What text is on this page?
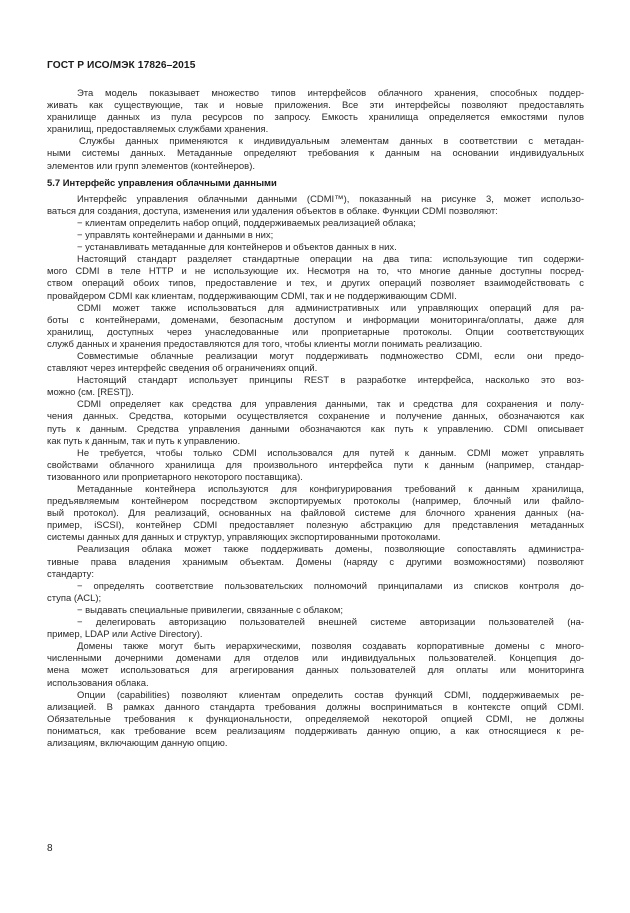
ГОСТ Р ИСО/МЭК 17826–2015
Эта модель показывает множество типов интерфейсов облачного хранения, способных поддер-
живать как существующие, так и новые приложения. Все эти интерфейсы позволяют предоставлять
хранилище данных из пула ресурсов по запросу. Емкость хранилища определяется емкостями пулов
хранилищ, предоставляемых службами хранения.
Службы данных применяются к индивидуальным элементам данных в соответствии с метадан-
ными системы данных. Метаданные определяют требования к данным на основании индивидуальных
элементов или групп элементов (контейнеров).
5.7 Интерфейс управления облачными данными
Интерфейс управления облачными данными (CDMI™), показанный на рисунке 3, может использо-
ваться для создания, доступа, изменения или удаления объектов в облаке. Функции CDMI позволяют:
− клиентам определить набор опций, поддерживаемых реализацией облака;
− управлять контейнерами и данными в них;
− устанавливать метаданные для контейнеров и объектов данных в них.
Настоящий стандарт разделяет стандартные операции на два типа: использующие тип содержи-
мого CDMI в теле HTTP и не использующие их. Несмотря на то, что многие данные доступны посред-
ством операций обоих типов, предоставление и тех, и других операций позволяет взаимодействовать с
провайдером CDMI как клиентам, поддерживающим CDMI, так и не поддерживающим CDMI.
CDMI может также использоваться для административных или управляющих операций для ра-
боты с контейнерами, доменами, безопасным доступом и информации мониторинга/оплаты, даже для
хранилищ, доступных через унаследованные или проприетарные протоколы. Опции соответствующих
служб данных и хранения предоставляются для того, чтобы клиенты могли понимать реализацию.
Совместимые облачные реализации могут поддерживать подмножество CDMI, если они предо-
ставляют через интерфейс сведения об ограничениях опций.
Настоящий стандарт использует принципы REST в разработке интерфейса, насколько это воз-
можно (см. [REST]).
CDMI определяет как средства для управления данными, так и средства для сохранения и полу-
чения данных. Средства, которыми осуществляется сохранение и получение данных, обозначаются как
путь к данным. Средства управления данными обозначаются как путь к управлению. CDMI описывает
как путь к данным, так и путь к управлению.
Не требуется, чтобы только CDMI использовался для путей к данным. CDMI может управлять
свойствами облачного хранилища для произвольного интерфейса пути к данным (например, стандар-
тизованного или проприетарного некоторого поставщика).
Метаданные контейнера используются для конфигурирования требований к данным хранилища,
предъявляемым контейнером посредством экспортируемых протоколы (например, блочный или файло-
вый протокол). Для реализаций, основанных на файловой системе для блочного хранения данных (на-
пример, iSCSI), контейнер CDMI предоставляет полезную абстракцию для представления метаданных
системы данных для данных и структур, управляющих экспортированными протоколами.
Реализация облака может также поддерживать домены, позволяющие сопоставлять администра-
тивные права владения хранимым объектам. Домены (наряду с другими возможностями) позволяют
стандарту:
− определять соответствие пользовательских полномочий принципалами из списков контроля до-
ступа (ACL);
− выдавать специальные привилегии, связанные с облаком;
− делегировать авторизацию пользователей внешней системе авторизации пользователей (на-
пример, LDAP или Active Directory).
Домены также могут быть иерархическими, позволяя создавать корпоративные домены с много-
численными дочерними доменами для отделов или индивидуальных пользователей. Концепция до-
мена может использоваться для агрегирования данных пользователей для оплаты или мониторинга
использования облака.
Опции (capabilities) позволяют клиентам определить состав функций CDMI, поддерживаемых ре-
ализацией. В рамках данного стандарта требования должны восприниматься в контексте опций CDMI.
Обязательные требования к функциональности, определяемой некоторой опцией CDMI, не должны
пониматься, как требование всем реализациям поддерживать данную опцию, а как относящиеся к ре-
ализациям, включающим данную опцию.
8
